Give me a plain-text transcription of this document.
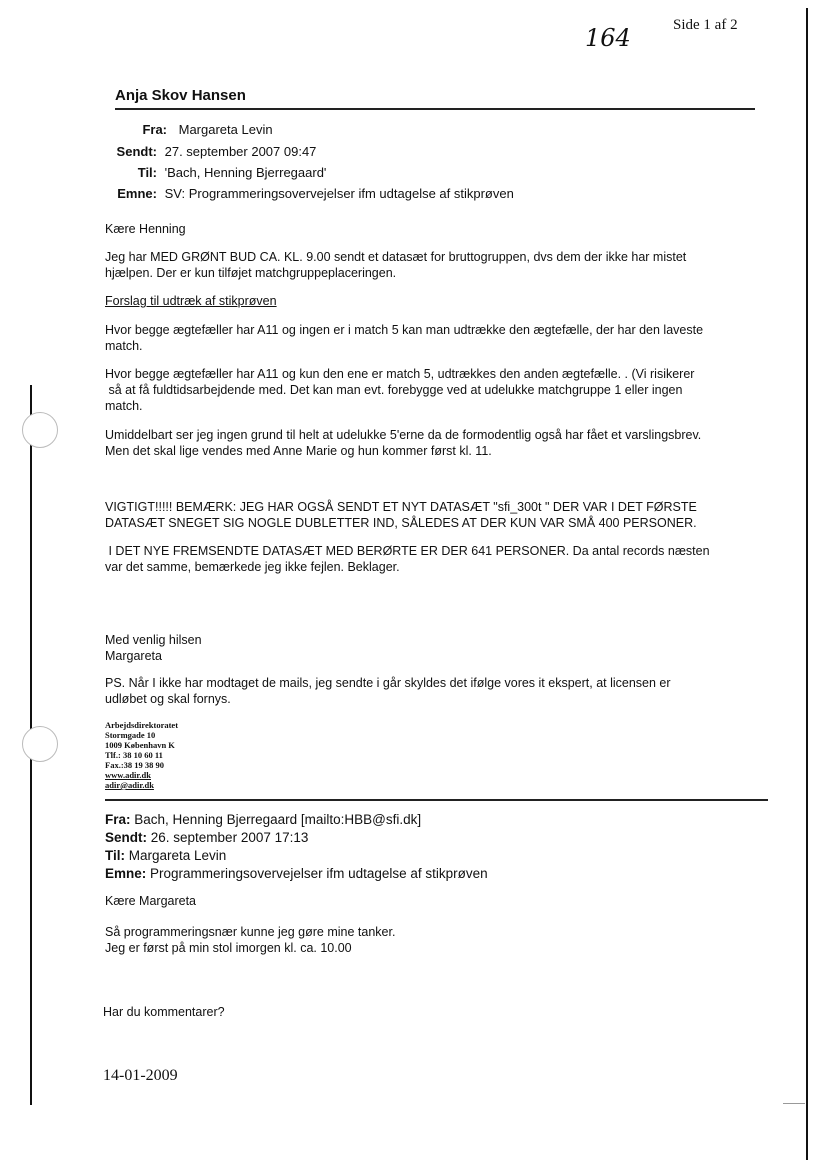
164	Side 1 af 2
Anja Skov Hansen
Fra: Margareta Levin
Sendt: 27. september 2007 09:47
Til: 'Bach, Henning Bjerregaard'
Emne: SV: Programmeringsovervejelser ifm udtagelse af stikprøven
Kære Henning
Jeg har MED GRØNT BUD CA. KL. 9.00 sendt et datasæt for bruttogruppen, dvs dem der ikke har mistet
hjælpen. Der er kun tilføjet matchgruppeplaceringen.
Forslag til udtræk af stikprøven
Hvor begge ægtefæller har A11 og ingen er i match 5 kan man udtrække den ægtefælle, der har den laveste
match.
Hvor begge ægtefæller har A11 og kun den ene er match 5, udtrækkes den anden ægtefælle. . (Vi risikerer
så at få fuldtidsarbejdende med. Det kan man evt. forebygge ved at udelukke matchgruppe 1 eller ingen
match.
Umiddelbart ser jeg ingen grund til helt at udelukke 5'erne da de formodentlig også har fået et varslingsbrev.
Men det skal lige vendes med Anne Marie og hun kommer først kl. 11.
VIGTIGT!!!!! BEMÆRK: JEG HAR OGSÅ SENDT ET NYT DATASÆT "sfi_300t " DER VAR I DET FØRSTE
DATASÆT SNEGET SIG NOGLE DUBLETTER IND, SÅLEDES AT DER KUN VAR SMÅ 400 PERSONER.
I DET NYE FREMSENDTE DATASÆT MED BERØRTE ER DER 641 PERSONER. Da antal records næsten
var det samme, bemærkede jeg ikke fejlen. Beklager.
Med venlig hilsen
Margareta
PS. Når I ikke har modtaget de mails, jeg sendte i går skyldes det ifølge vores it ekspert, at licensen er
udløbet og skal fornys.
Arbejdsdirektoratet
Stormgade 10
1009 København K
Tlf.: 38 10 60 11
Fax.:38 19 38 90
www.adir.dk
adir@adir.dk
Fra: Bach, Henning Bjerregaard [mailto:HBB@sfi.dk]
Sendt: 26. september 2007 17:13
Til: Margareta Levin
Emne: Programmeringsovervejelser ifm udtagelse af stikprøven
Kære Margareta
Så programmeringsnær kunne jeg gøre mine tanker.
Jeg er først på min stol imorgen kl. ca. 10.00
Har du kommentarer?
14-01-2009
